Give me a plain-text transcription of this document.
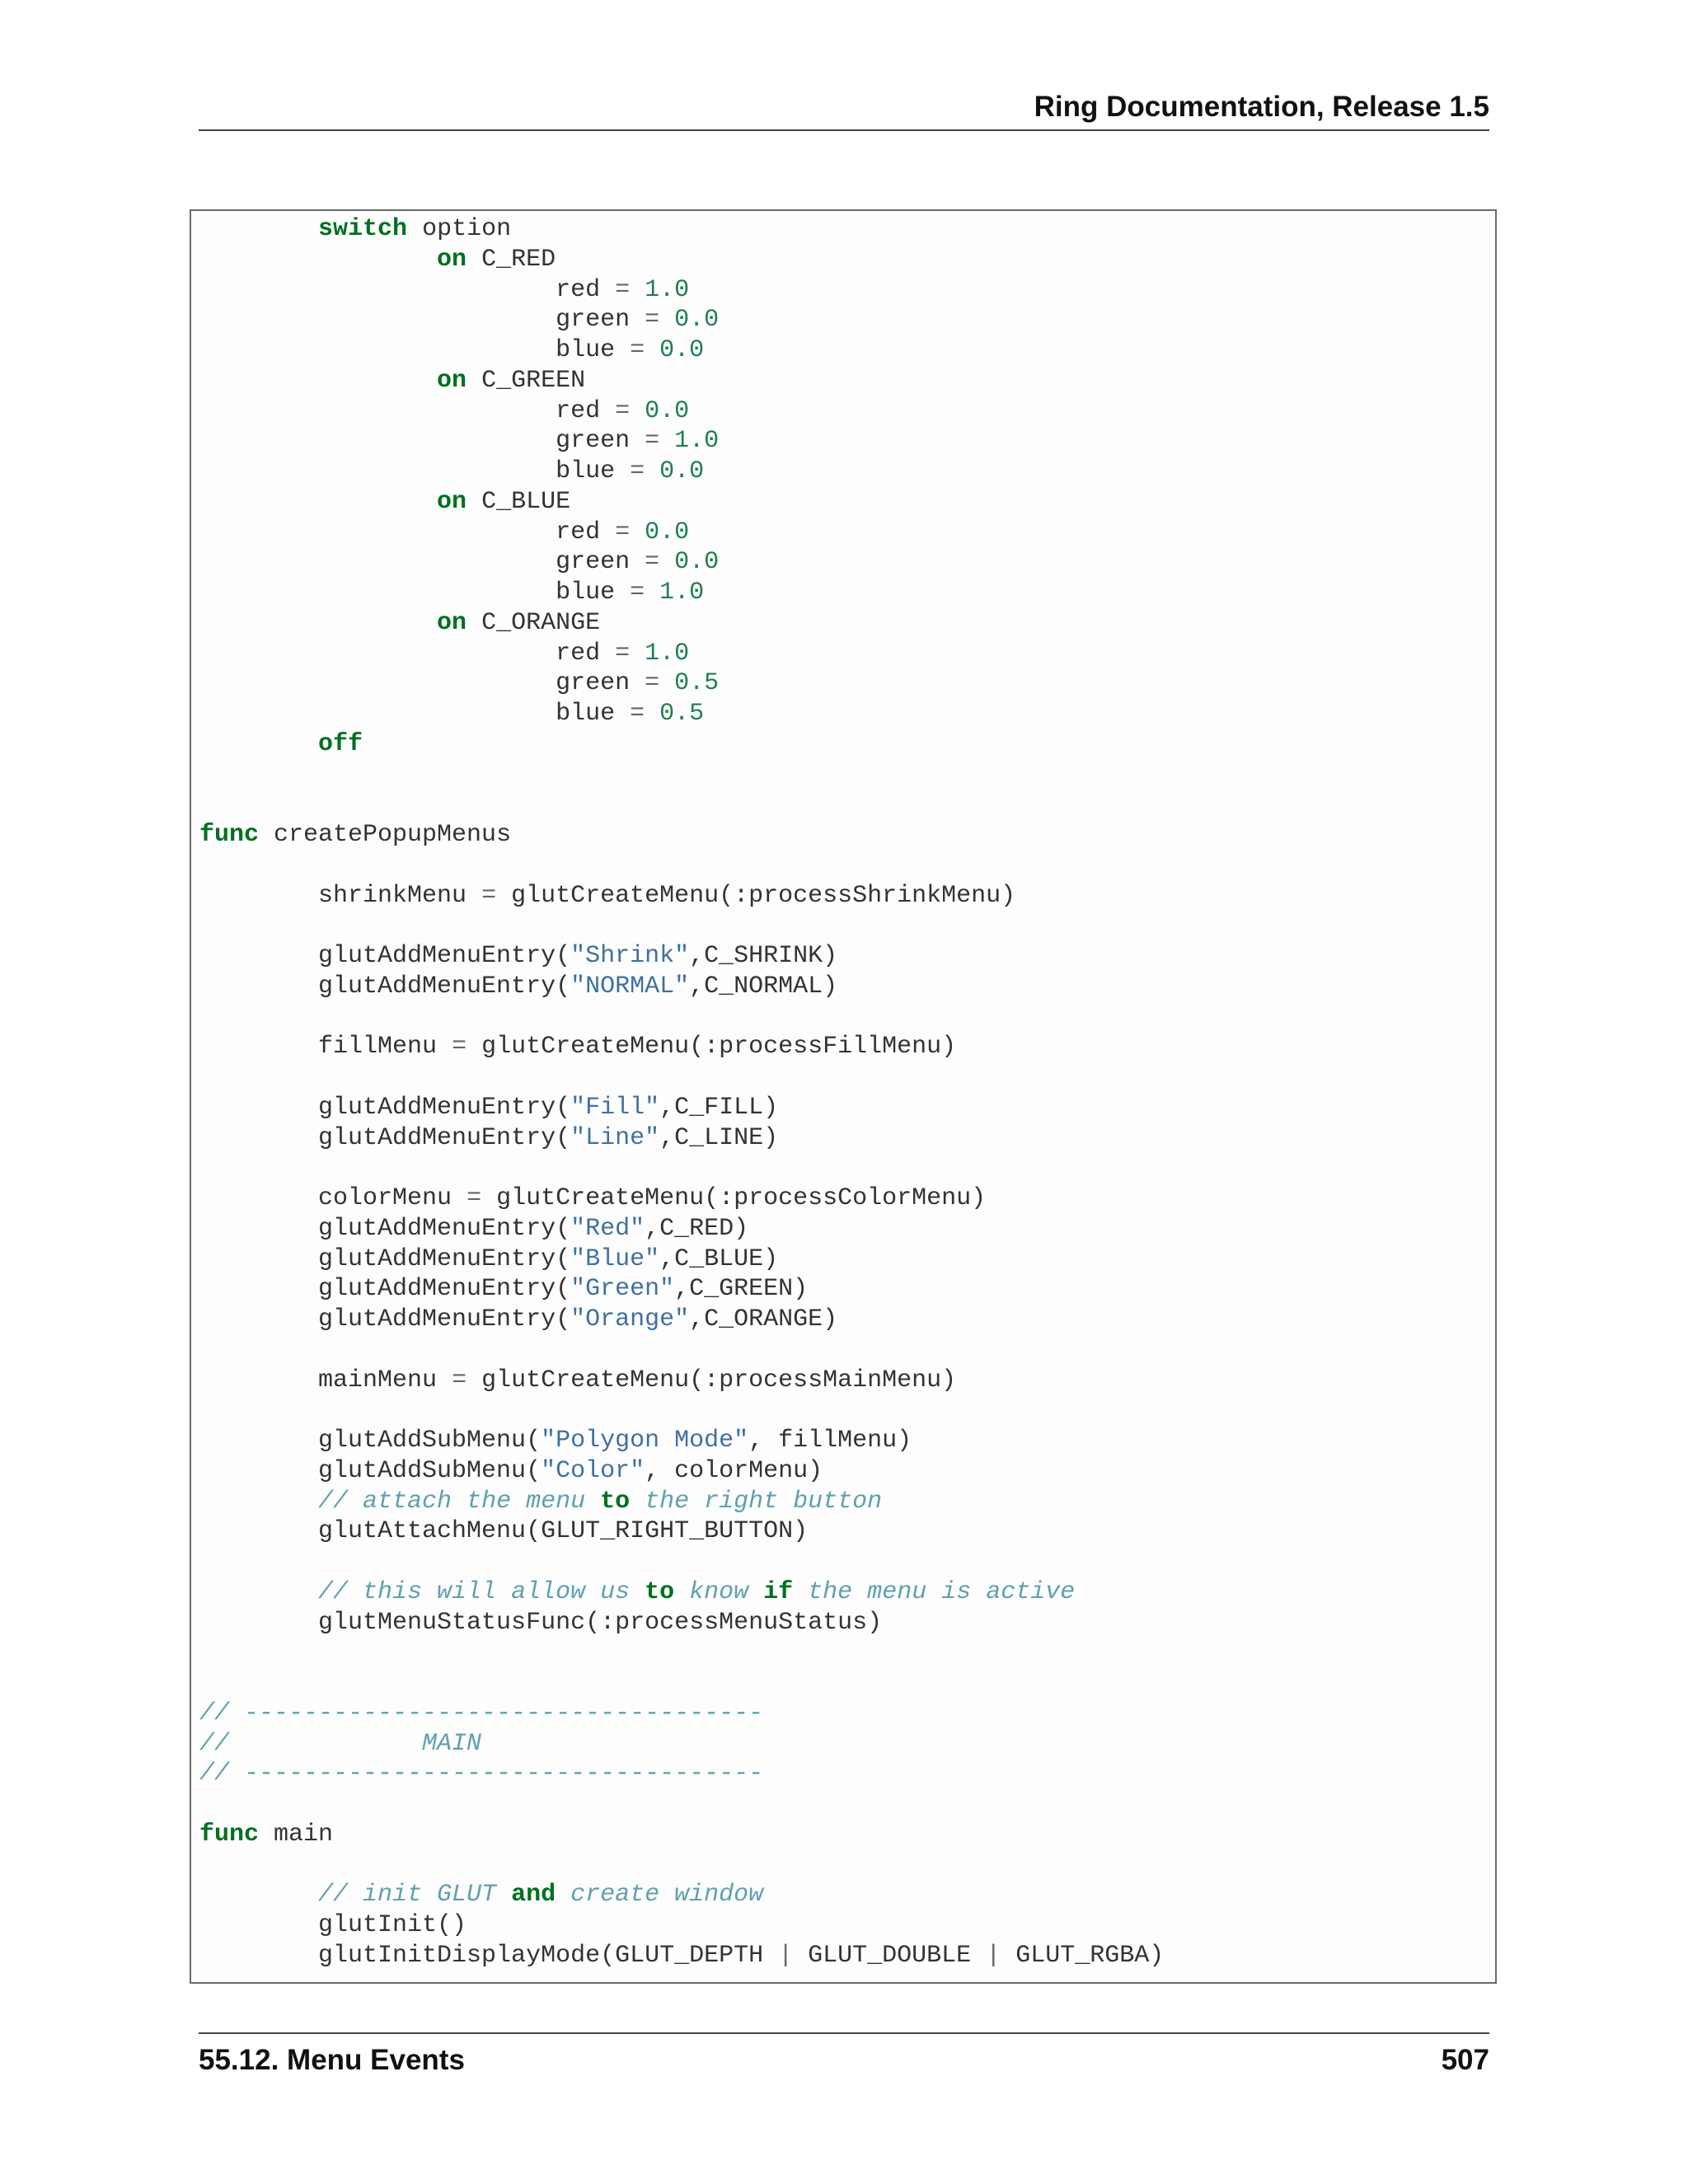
Ring Documentation, Release 1.5
switch option
on C_RED
red = 1.0
green = 0.0
blue = 0.0
on C_GREEN
red = 0.0
green = 1.0
blue = 0.0
on C_BLUE
red = 0.0
green = 0.0
blue = 1.0
on C_ORANGE
red = 1.0
green = 0.5
blue = 0.5
off
func createPopupMenus
shrinkMenu = glutCreateMenu(:processShrinkMenu)
glutAddMenuEntry("Shrink",C_SHRINK)
glutAddMenuEntry("NORMAL",C_NORMAL)
fillMenu = glutCreateMenu(:processFillMenu)
glutAddMenuEntry("Fill",C_FILL)
glutAddMenuEntry("Line",C_LINE)
colorMenu = glutCreateMenu(:processColorMenu)
glutAddMenuEntry("Red",C_RED)
glutAddMenuEntry("Blue",C_BLUE)
glutAddMenuEntry("Green",C_GREEN)
glutAddMenuEntry("Orange",C_ORANGE)
mainMenu = glutCreateMenu(:processMainMenu)
glutAddSubMenu("Polygon Mode", fillMenu)
glutAddSubMenu("Color", colorMenu)
// attach the menu to the right button
glutAttachMenu(GLUT_RIGHT_BUTTON)
// this will allow us to know if the menu is active
glutMenuStatusFunc(:processMenuStatus)
// -----------------------------------
//             MAIN
// -----------------------------------
func main
// init GLUT and create window
glutInit()
glutInitDisplayMode(GLUT_DEPTH | GLUT_DOUBLE | GLUT_RGBA)
55.12. Menu Events	507
